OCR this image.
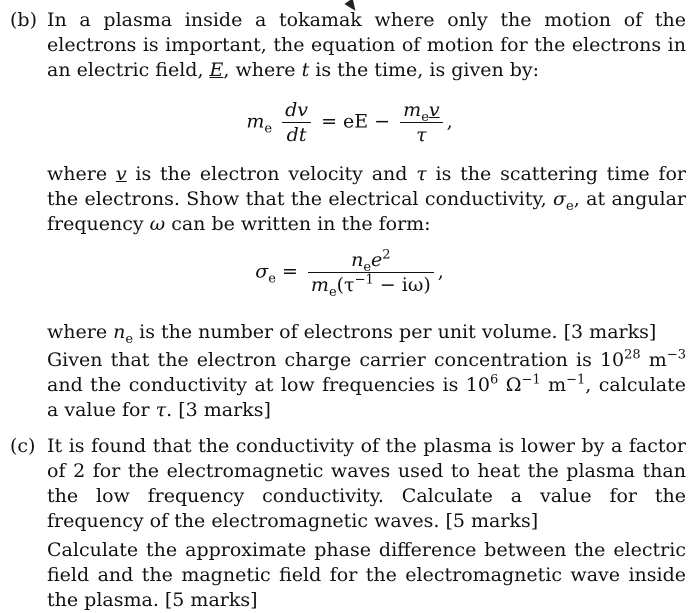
(b) In a plasma inside a tokamak where only the motion of the electrons is important, the equation of motion for the electrons in an electric field, E, where t is the time, is given by:
$m_e \frac{dv}{dt}$ = eE − $\frac{m_ev}{\tau}$ ,
where v is the electron velocity and τ is the scattering time for the electrons. Show that the electrical conductivity, $\sigma_e$, at angular frequency ω can be written in the form:
$\sigma_e = \frac{n_ee^2}{m_e(\tau^{-1} - i\omega)}$ ,
where $n_e$ is the number of electrons per unit volume. [3 marks]
Given that the electron charge carrier concentration is $10^{28}$ $m^{-3}$ and the conductivity at low frequencies is $10^6$ $\Omega^{-1}$ $m^{-1}$, calculate a value for τ. [3 marks]
(c) It is found that the conductivity of the plasma is lower by a factor of 2 for the electromagnetic waves used to heat the plasma than the low frequency conductivity. Calculate a value for the frequency of the electromagnetic waves. [5 marks]
Calculate the approximate phase difference between the electric field and the magnetic field for the electromagnetic wave inside the plasma. [5 marks]
